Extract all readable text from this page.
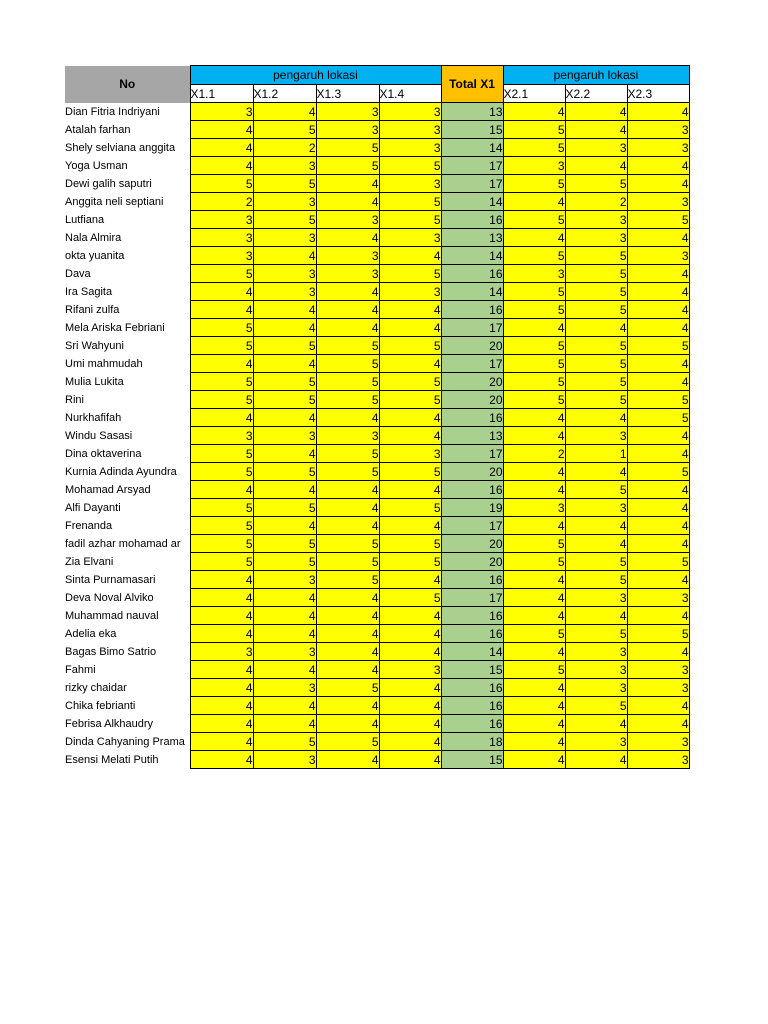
No	pengaruh lokasi				Total X1	pengaruh lokasi		
	X1.1	X1.2	X1.3	X1.4		X2.1	X2.2	X2.3
Dian Fitria Indriyani	3	4	3	3	13	4	4	4
Atalah farhan	4	5	3	3	15	5	4	3
Shely selviana anggita	4	2	5	3	14	5	3	3
Yoga Usman	4	3	5	5	17	3	4	4
Dewi galih saputri	5	5	4	3	17	5	5	4
Anggita neli septiani	2	3	4	5	14	4	2	3
Lutfiana	3	5	3	5	16	5	3	5
Nala Almira	3	3	4	3	13	4	3	4
okta yuanita	3	4	3	4	14	5	5	3
Dava	5	3	3	5	16	3	5	4
Ira Sagita	4	3	4	3	14	5	5	4
Rifani zulfa	4	4	4	4	16	5	5	4
Mela Ariska Febriani	5	4	4	4	17	4	4	4
Sri Wahyuni	5	5	5	5	20	5	5	5
Umi mahmudah	4	4	5	4	17	5	5	4
Mulia Lukita	5	5	5	5	20	5	5	4
Rini	5	5	5	5	20	5	5	5
Nurkhafifah	4	4	4	4	16	4	4	5
Windu Sasasi	3	3	3	4	13	4	3	4
Dina oktaverina	5	4	5	3	17	2	1	4
Kurnia Adinda Ayundra	5	5	5	5	20	4	4	5
Mohamad Arsyad	4	4	4	4	16	4	5	4
Alfi Dayanti	5	5	4	5	19	3	3	4
Frenanda	5	4	4	4	17	4	4	4
fadil azhar mohamad ar	5	5	5	5	20	5	4	4
Zia Elvani	5	5	5	5	20	5	5	5
Sinta Purnamasari	4	3	5	4	16	4	5	4
Deva Noval Alviko	4	4	4	5	17	4	3	3
Muhammad nauval	4	4	4	4	16	4	4	4
Adelia eka	4	4	4	4	16	5	5	5
Bagas Bimo Satrio	3	3	4	4	14	4	3	4
Fahmi	4	4	4	3	15	5	3	3
rizky chaidar	4	3	5	4	16	4	3	3
Chika febrianti	4	4	4	4	16	4	5	4
Febrisa Alkhaudry	4	4	4	4	16	4	4	4
Dinda Cahyaning Prama	4	5	5	4	18	4	3	3
Esensi Melati Putih	4	3	4	4	15	4	4	3
